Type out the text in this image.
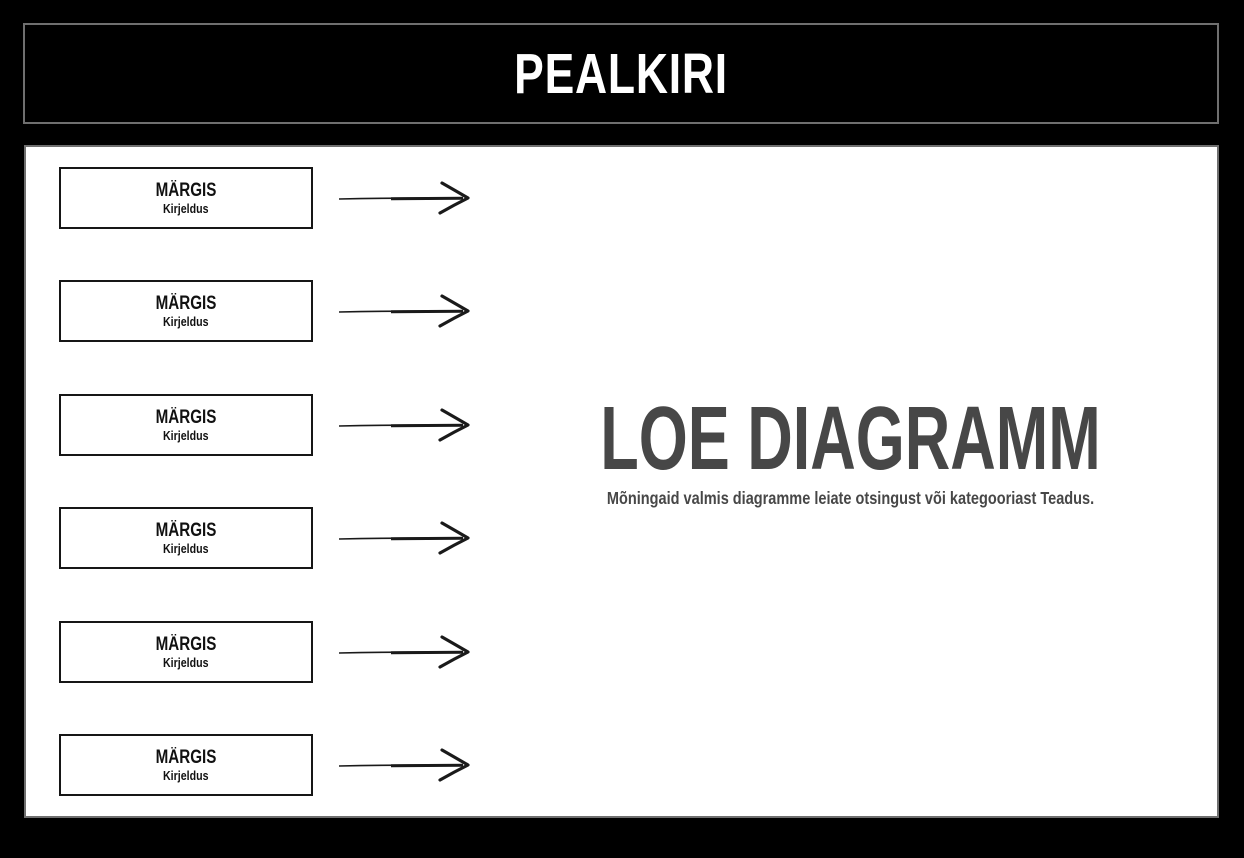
PEALKIRI
MÄRGIS
Kirjeldus
MÄRGIS
Kirjeldus
MÄRGIS
Kirjeldus
MÄRGIS
Kirjeldus
MÄRGIS
Kirjeldus
MÄRGIS
Kirjeldus
LOE DIAGRAMM
Mõningaid valmis diagramme leiate otsingust või kategooriast Teadus.
